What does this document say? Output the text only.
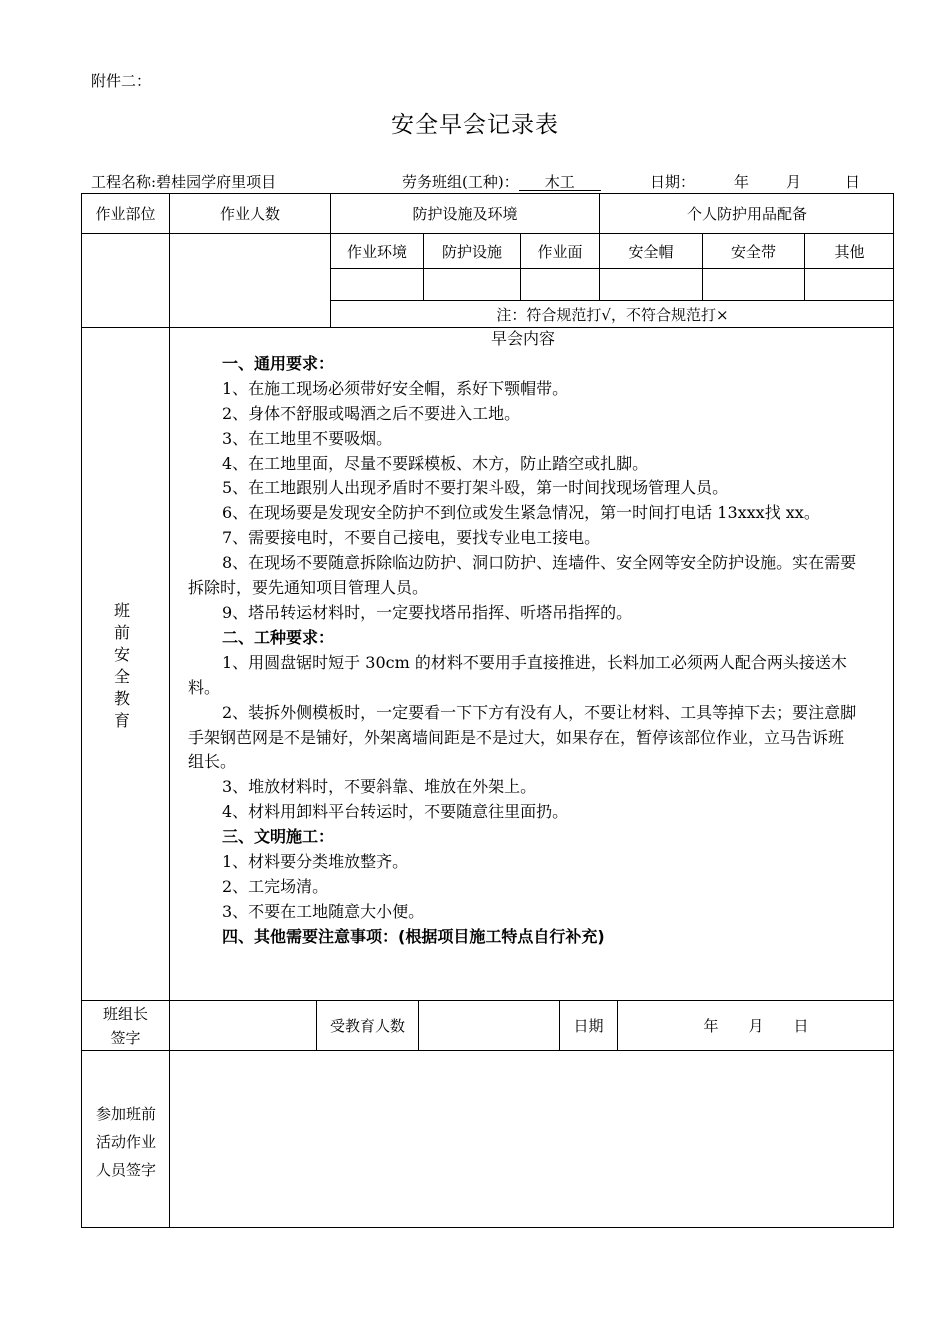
附件二：
安全早会记录表
工程名称:碧桂园学府里项目	劳务班组(工种)： 木工	日期：	年 月	日
作业部位	作业人数	防护设施及环境	个人防护用品配备
作业环境	防护设施	作业面	安全帽	安全带	其他
注：符合规范打√，不符合规范打×
班
前
安
全
教
育
早会内容
一、通用要求：
1、在施工现场必须带好安全帽，系好下颚帽带。
2、身体不舒服或喝酒之后不要进入工地。
3、在工地里不要吸烟。
4、在工地里面，尽量不要踩模板、木方，防止踏空或扎脚。
5、在工地跟别人出现矛盾时不要打架斗殴，第一时间找现场管理人员。
6、在现场要是发现安全防护不到位或发生紧急情况，第一时间打电话 13xxx找 xx。
7、需要接电时，不要自己接电，要找专业电工接电。
8、在现场不要随意拆除临边防护、洞口防护、连墙件、安全网等安全防护设施。实在需要拆除时，要先通知项目管理人员。
9、塔吊转运材料时，一定要找塔吊指挥、听塔吊指挥的。
二、工种要求：
1、用圆盘锯时短于 30cm 的材料不要用手直接推进，长料加工必须两人配合两头接送木料。
2、装拆外侧模板时，一定要看一下下方有没有人，不要让材料、工具等掉下去；要注意脚手架钢芭网是不是铺好，外架离墙间距是不是过大，如果存在，暂停该部位作业，立马告诉班组长。
3、堆放材料时，不要斜靠、堆放在外架上。
4、材料用卸料平台转运时，不要随意往里面扔。
三、文明施工：
1、材料要分类堆放整齐。
2、工完场清。
3、不要在工地随意大小便。
四、其他需要注意事项：(根据项目施工特点自行补充)
班组长
签字
受教育人数	日期	年　　月　　日
参加班前
活动作业
人员签字
